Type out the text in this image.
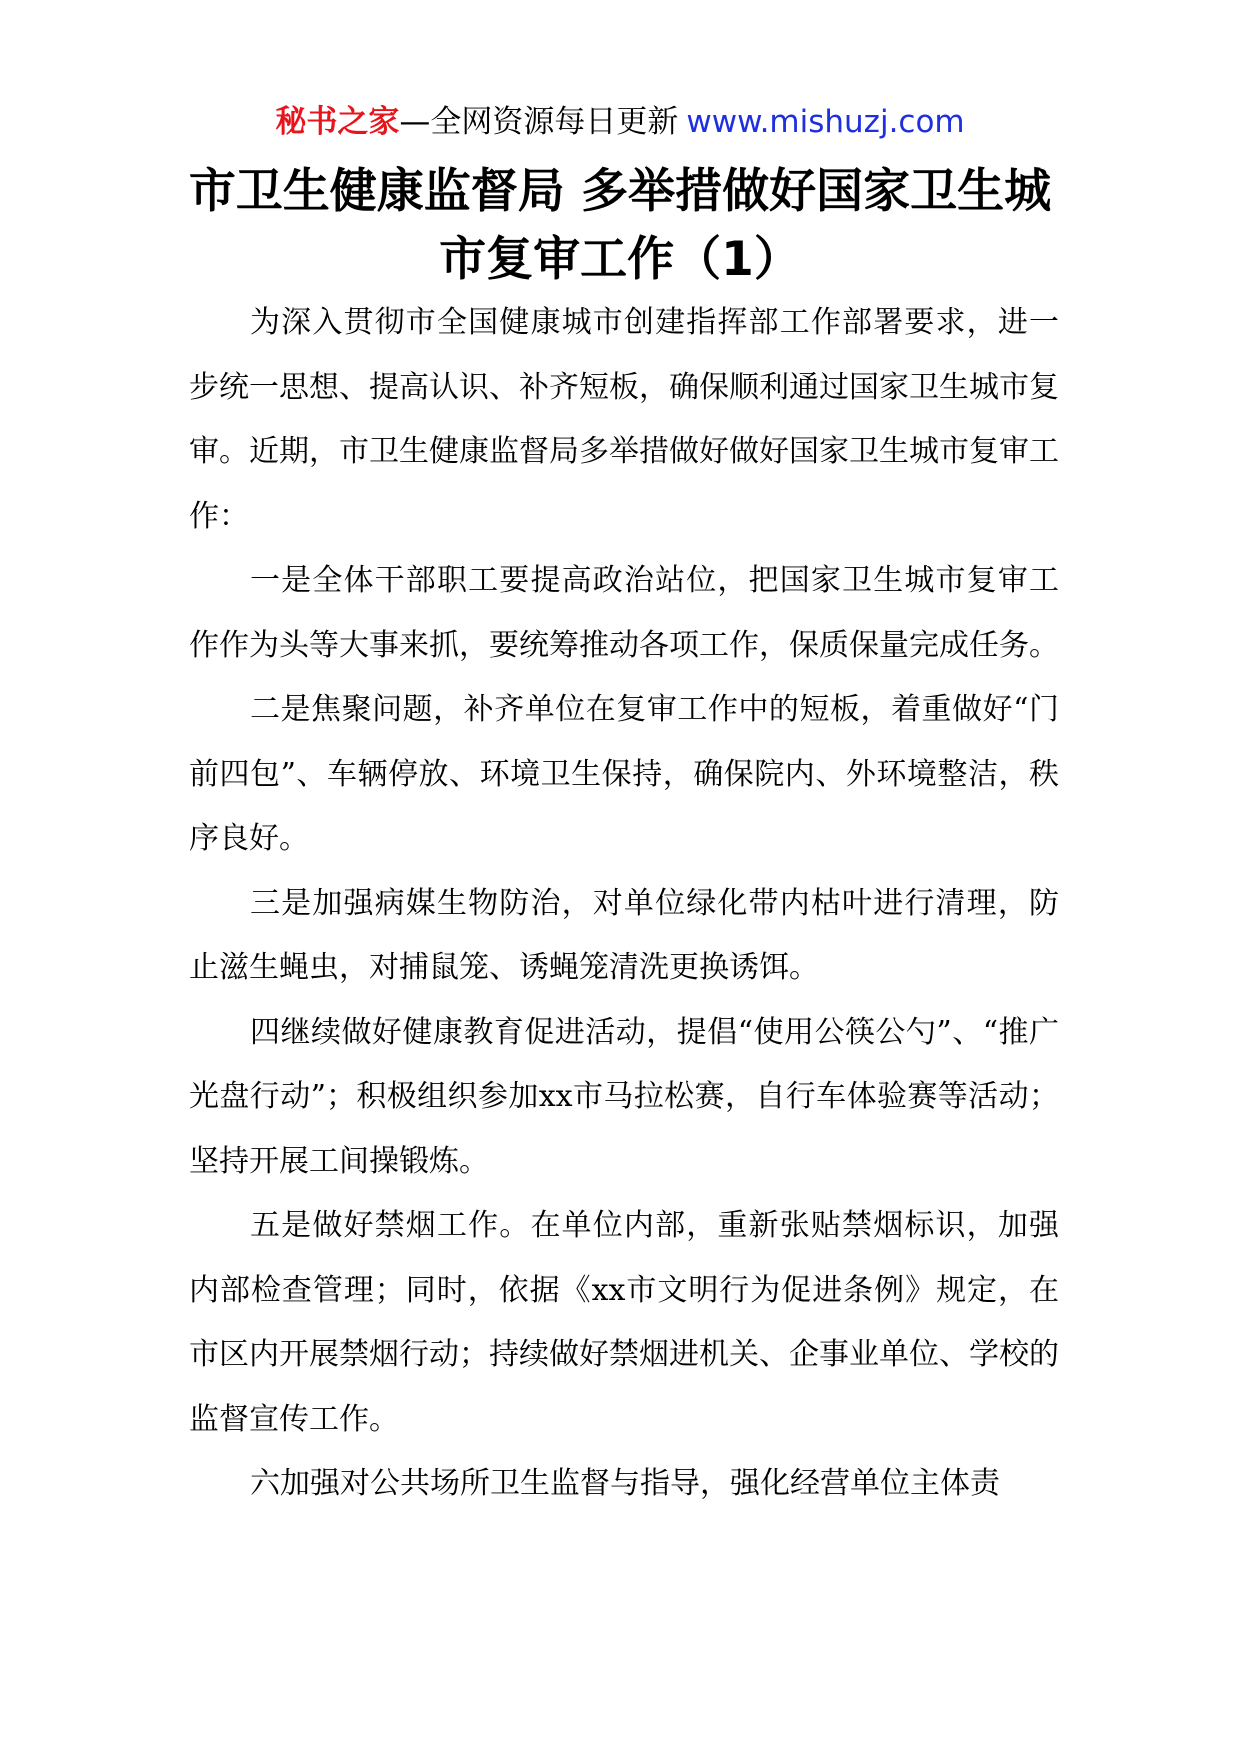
秘书之家—全网资源每日更新 www.mishuzj.com
市卫生健康监督局 多举措做好国家卫生城
市复审工作（1）

为深入贯彻市全国健康城市创建指挥部工作部署要求，进一步统一思想、提高认识、补齐短板，确保顺利通过国家卫生城市复审。近期，市卫生健康监督局多举措做好做好国家卫生城市复审工作：

一是全体干部职工要提高政治站位，把国家卫生城市复审工作作为头等大事来抓，要统筹推动各项工作，保质保量完成任务。

二是焦聚问题，补齐单位在复审工作中的短板，着重做好“门前四包”、车辆停放、环境卫生保持，确保院内、外环境整洁，秩序良好。

三是加强病媒生物防治，对单位绿化带内枯叶进行清理，防止滋生蝇虫，对捕鼠笼、诱蝇笼清洗更换诱饵。

四继续做好健康教育促进活动，提倡“使用公筷公勺”、“推广光盘行动”；积极组织参加xx市马拉松赛，自行车体验赛等活动；坚持开展工间操锻炼。

五是做好禁烟工作。在单位内部，重新张贴禁烟标识，加强内部检查管理；同时，依据《xx市文明行为促进条例》规定，在市区内开展禁烟行动；持续做好禁烟进机关、企事业单位、学校的监督宣传工作。

六加强对公共场所卫生监督与指导，强化经营单位主体责
